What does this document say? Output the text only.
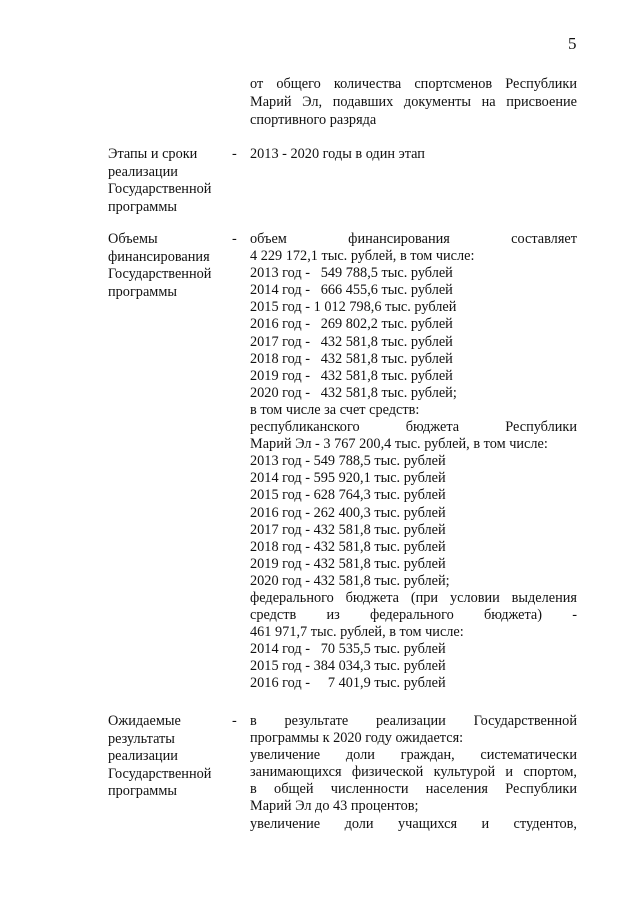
5
от общего количества спортсменов Республики
Марий Эл, подавших документы на присвоение
спортивного разряда
Этапы и сроки реализации Государственной программы
- 2013 - 2020 годы в один этап
Объемы финансирования Государственной программы
- объем финансирования составляет
4 229 172,1 тыс. рублей, в том числе:
2013 год -   549 788,5 тыс. рублей
2014 год -   666 455,6 тыс. рублей
2015 год - 1 012 798,6 тыс. рублей
2016 год -   269 802,2 тыс. рублей
2017 год -   432 581,8 тыс. рублей
2018 год -   432 581,8 тыс. рублей
2019 год -   432 581,8 тыс. рублей
2020 год -   432 581,8 тыс. рублей;
в том числе за счет средств:
республиканского бюджета Республики
Марий Эл - 3 767 200,4 тыс. рублей, в том числе:
2013 год - 549 788,5 тыс. рублей
2014 год - 595 920,1 тыс. рублей
2015 год - 628 764,3 тыс. рублей
2016 год - 262 400,3 тыс. рублей
2017 год - 432 581,8 тыс. рублей
2018 год - 432 581,8 тыс. рублей
2019 год - 432 581,8 тыс. рублей
2020 год - 432 581,8 тыс. рублей;
федерального бюджета (при условии выделения
средств из федерального бюджета) -
461 971,7 тыс. рублей, в том числе:
2014 год -   70 535,5 тыс. рублей
2015 год - 384 034,3 тыс. рублей
2016 год -     7 401,9 тыс. рублей
Ожидаемые результаты реализации Государственной программы
- в результате реализации Государственной
программы к 2020 году ожидается:
увеличение доли граждан, систематически
занимающихся физической культурой и спортом,
в общей численности населения Республики
Марий Эл до 43 процентов;
увеличение доли учащихся и студентов,
